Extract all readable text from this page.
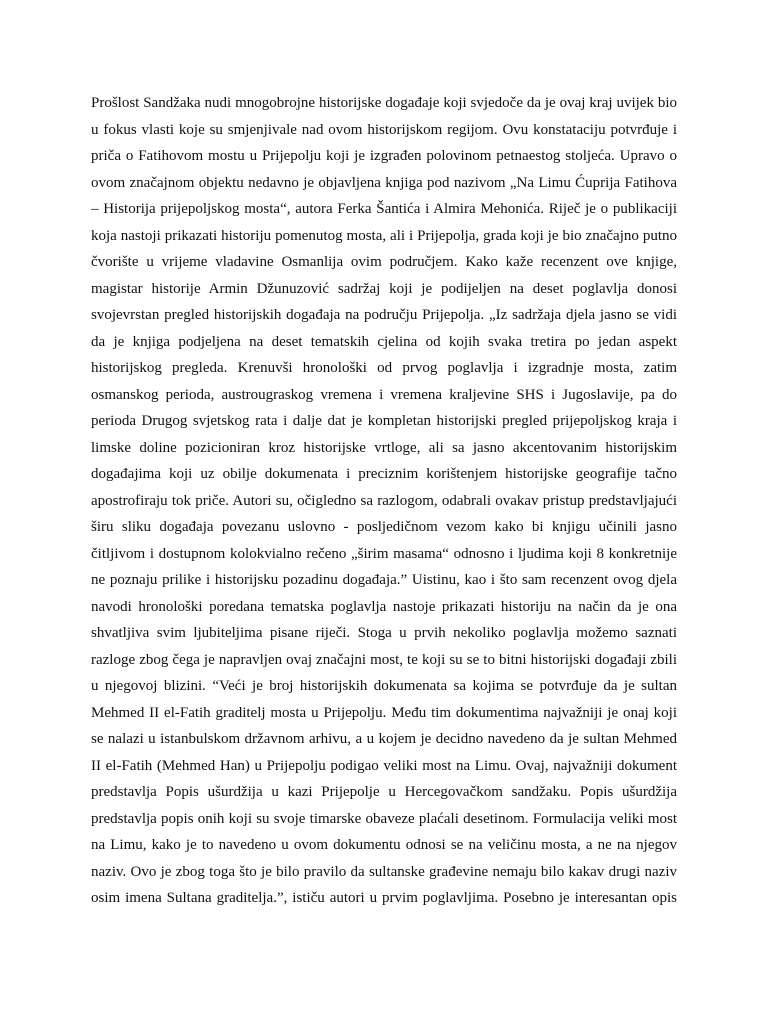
Prošlost Sandžaka nudi mnogobrojne historijske događaje koji svjedoče da je ovaj kraj uvijek bio
u fokus vlasti koje su smjenjivale nad ovom historijskom regijom. Ovu konstataciju potvrđuje i
priča o Fatihovom mostu u Prijepolju koji je izgrađen polovinom petnaestog stoljeća. Upravo o
ovom značajnom objektu nedavno je objavljena knjiga pod nazivom „Na Limu Ćuprija Fatihova
– Historija prijepoljskog mosta“, autora Ferka Šantića i Almira Mehonića. Riječ je o publikaciji
koja nastoji prikazati historiju pomenutog mosta, ali i Prijepolja, grada koji je bio značajno putno
čvorište u vrijeme vladavine Osmanlija ovim područjem. Kako kaže recenzent ove knjige,
magistar historije Armin Džunuzović sadržaj koji je podijeljen na deset poglavlja donosi
svojevrstan pregled historijskih događaja na području Prijepolja. „Iz sadržaja djela jasno se vidi
da je knjiga podjeljena na deset tematskih cjelina od kojih svaka tretira po jedan aspekt
historijskog pregleda. Krenuvši hronološki od prvog poglavlja i izgradnje mosta, zatim
osmanskog perioda, austrougraskog vremena i vremena kraljevine SHS i Jugoslavije, pa do
perioda Drugog svjetskog rata i dalje dat je kompletan historijski pregled prijepoljskog kraja i
limske doline pozicioniran kroz historijske vrtloge, ali sa jasno akcentovanim historijskim
događajima koji uz obilje dokumenata i preciznim korištenjem historijske geografije tačno
apostrofiraju tok priče. Autori su, očigledno sa razlogom, odabrali ovakav pristup predstavljajući
širu sliku događaja povezanu uslovno - posljedičnom vezom kako bi knjigu učinili jasno
čitljivom i dostupnom kolokvialno rečeno „širim masama“ odnosno i ljudima koji 8 konkretnije
ne poznaju prilike i historijsku pozadinu događaja.” Uistinu, kao i što sam recenzent ovog djela
navodi hronološki poredana tematska poglavlja nastoje prikazati historiju na način da je ona
shvatljiva svim ljubiteljima pisane riječi. Stoga u prvih nekoliko poglavlja možemo saznati
razloge zbog čega je napravljen ovaj značajni most, te koji su se to bitni historijski događaji zbili
u njegovoj blizini. “Veći je broj historijskih dokumenata sa kojima se potvrđuje da je sultan
Mehmed II el-Fatih graditelj mosta u Prijepolju. Među tim dokumentima najvažniji je onaj koji
se nalazi u istanbulskom državnom arhivu, a u kojem je decidno navedeno da je sultan Mehmed
II el-Fatih (Mehmed Han) u Prijepolju podigao veliki most na Limu. Ovaj, najvažniji dokument
predstavlja Popis ušurdžija u kazi Prijepolje u Hercegovačkom sandžaku. Popis ušurdžija
predstavlja popis onih koji su svoje timarske obaveze plaćali desetinom. Formulacija veliki most
na Limu, kako je to navedeno u ovom dokumentu odnosi se na veličinu mosta, a ne na njegov
naziv. Ovo je zbog toga što je bilo pravilo da sultanske građevine nemaju bilo kakav drugi naziv
osim imena Sultana graditelja.”, ističu autori u prvim poglavljima. Posebno je interesantan opis
